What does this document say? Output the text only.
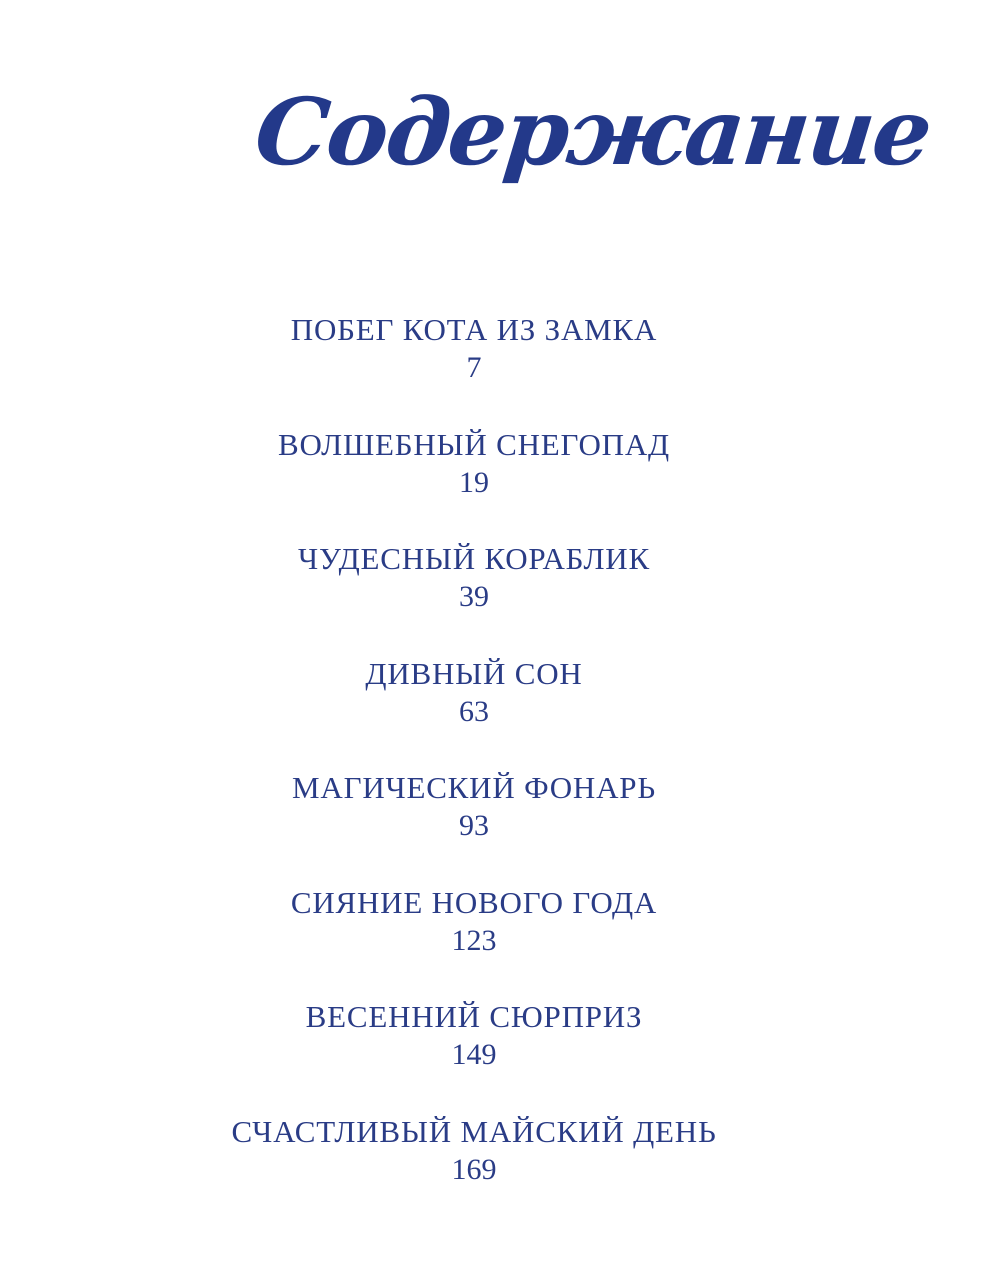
Содержание
ПОБЕГ КОТА ИЗ ЗАМКА
7
ВОЛШЕБНЫЙ СНЕГОПАД
19
ЧУДЕСНЫЙ КОРАБЛИК
39
ДИВНЫЙ СОН
63
МАГИЧЕСКИЙ ФОНАРЬ
93
СИЯНИЕ НОВОГО ГОДА
123
ВЕСЕННИЙ СЮРПРИЗ
149
СЧАСТЛИВЫЙ МАЙСКИЙ ДЕНЬ
169
